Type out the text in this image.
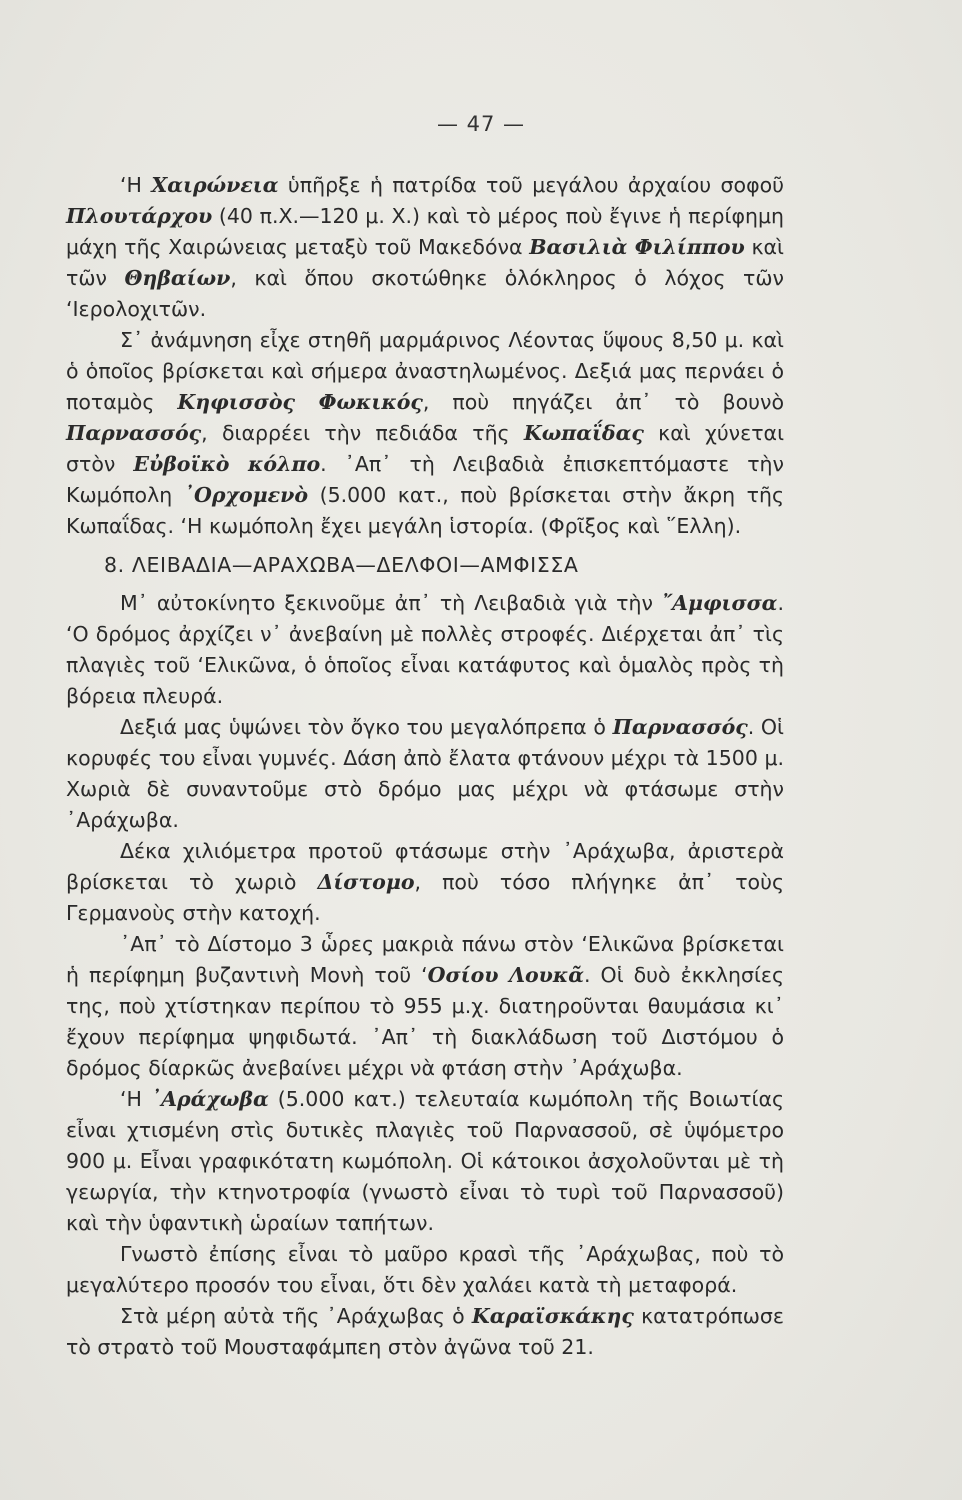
— 47 —

‘Η Χαιρώνεια ὑπῆρξε ἡ πατρίδα τοῦ μεγάλου ἀρχαίου σοφοῦ Πλουτάρχου (40 π.Χ.—120 μ. Χ.) καὶ τὸ μέρος ποὺ ἔγινε ἡ περίφημη μάχη τῆς Χαιρώνειας μεταξὺ τοῦ Μακεδόνα Βασιλιὰ Φιλίππου καὶ τῶν Θηβαίων, καὶ ὅπου σκοτώθηκε ὁλόκληρος ὁ λόχος τῶν ‘Ιερολοχιτῶν.

Σ᾽ ἀνάμνηση εἶχε στηθῆ μαρμάρινος Λέοντας ὕψους 8,50 μ. καὶ ὁ ὁποῖος βρίσκεται καὶ σήμερα ἀναστηλωμένος. Δεξιά μας περνάει ὁ ποταμὸς Κηφισσὸς Φωκικός, ποὺ πηγάζει ἀπ᾽ τὸ βουνὸ Παρνασσός, διαρρέει τὴν πεδιάδα τῆς Κωπαΐδας καὶ χύνεται στὸν Εὐβοϊκὸ κόλπο. ᾽Απ᾽ τὴ Λειβαδιὰ ἐπισκεπτόμαστε τὴν Κωμόπολη ᾽Ορχομενὸ (5.000 κατ., ποὺ βρίσκεται στὴν ἄκρη τῆς Κωπαΐδας. ‘Η κωμόπολη ἔχει μεγάλη ἱστορία. (Φρῖξος καὶ ῞Ελλη).

8. ΛΕΙΒΑΔΙΑ—ΑΡΑΧΩΒΑ—ΔΕΛΦΟΙ—ΑΜΦΙΣΣΑ

Μ᾽ αὐτοκίνητο ξεκινοῦμε ἀπ᾽ τὴ Λειβαδιὰ γιὰ τὴν ῎Αμφισσα. ‘Ο δρόμος ἀρχίζει ν᾽ ἀνεβαίνη μὲ πολλὲς στροφές. Διέρχεται ἀπ᾽ τὶς πλαγιὲς τοῦ ‘Ελικῶνα, ὁ ὁποῖος εἶναι κατάφυτος καὶ ὁμαλὸς πρὸς τὴ βόρεια πλευρά.

Δεξιά μας ὑψώνει τὸν ὄγκο του μεγαλόπρεπα ὁ Παρνασσός. Οἱ κορυφές του εἶναι γυμνές. Δάση ἀπὸ ἔλατα φτάνουν μέχρι τὰ 1500 μ. Χωριὰ δὲ συναντοῦμε στὸ δρόμο μας μέχρι νὰ φτάσωμε στὴν ᾽Αράχωβα.

Δέκα χιλιόμετρα προτοῦ φτάσωμε στὴν ᾽Αράχωβα, ἀριστερὰ βρίσκεται τὸ χωριὸ Δίστομο, ποὺ τόσο πλήγηκε ἀπ᾽ τοὺς Γερμανοὺς στὴν κατοχή.

᾽Απ᾽ τὸ Δίστομο 3 ὧρες μακριὰ πάνω στὸν ‘Ελικῶνα βρίσκεται ἡ περίφημη βυζαντινὴ Μονὴ τοῦ ‘Οσίου Λουκᾶ. Οἱ δυὸ ἐκκλησίες της, ποὺ χτίστηκαν περίπου τὸ 955 μ.χ. διατηροῦνται θαυμάσια κι᾽ ἔχουν περίφημα ψηφιδωτά. ᾽Απ᾽ τὴ διακλάδωση τοῦ Διστόμου ὁ δρόμος δίαρκῶς ἀνεβαίνει μέχρι νὰ φτάση στὴν ᾽Αράχωβα.

‘Η ᾽Αράχωβα (5.000 κατ.) τελευταία κωμόπολη τῆς Βοιωτίας εἶναι χτισμένη στὶς δυτικὲς πλαγιὲς τοῦ Παρνασσοῦ, σὲ ὑψόμετρο 900 μ. Εἶναι γραφικότατη κωμόπολη. Οἱ κάτοικοι ἀσχολοῦνται μὲ τὴ γεωργία, τὴν κτηνοτροφία (γνωστὸ εἶναι τὸ τυρὶ τοῦ Παρνασσοῦ) καὶ τὴν ὑφαντικὴ ὡραίων ταπήτων.

Γνωστὸ ἐπίσης εἶναι τὸ μαῦρο κρασὶ τῆς ᾽Αράχωβας, ποὺ τὸ μεγαλύτερο προσόν του εἶναι, ὅτι δὲν χαλάει κατὰ τὴ μεταφορά.

Στὰ μέρη αὐτὰ τῆς ᾽Αράχωβας ὁ Καραϊσκάκης κατατρόπωσε τὸ στρατὸ τοῦ Μουσταφάμπεη στὸν ἀγῶνα τοῦ 21.
